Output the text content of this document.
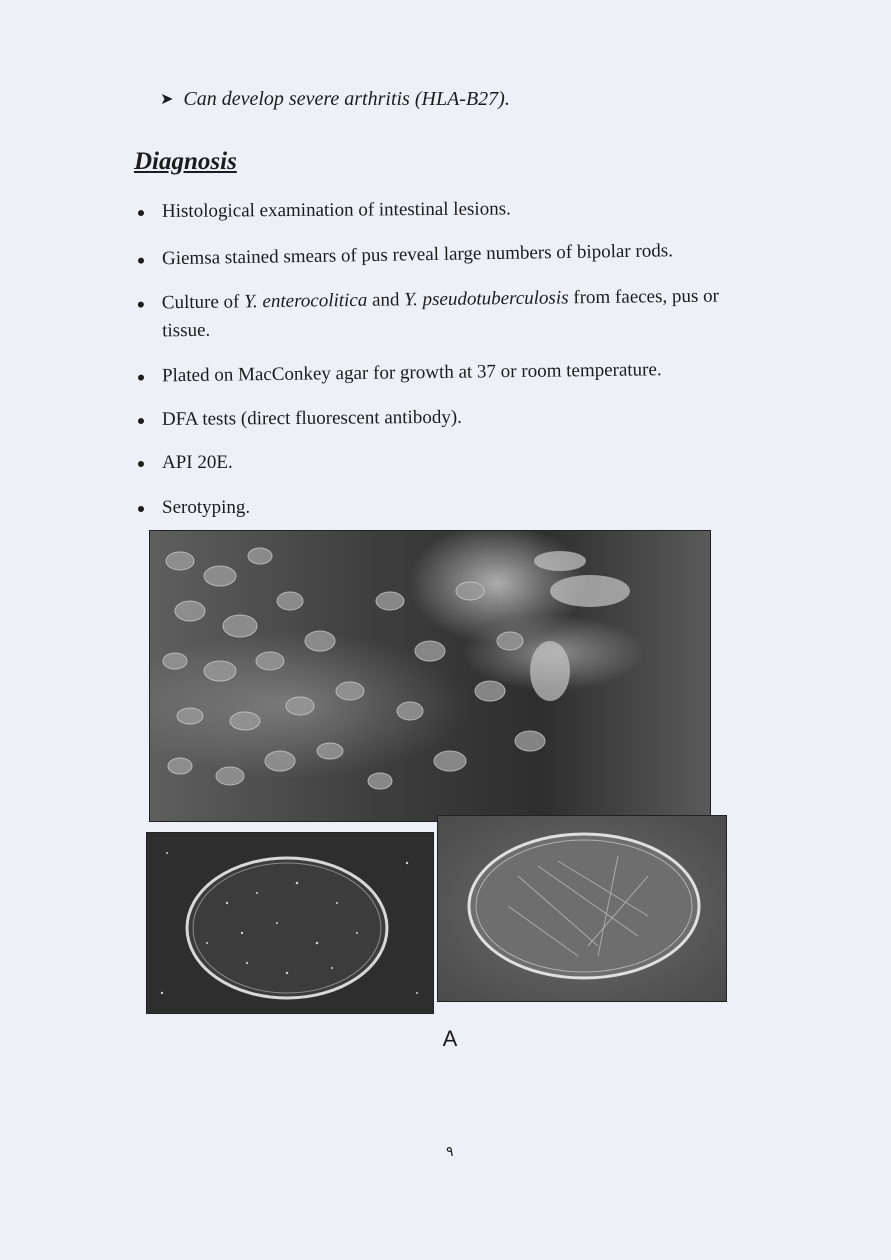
➤ Can develop severe arthritis (HLA-B27).
Diagnosis
Histological examination of intestinal lesions.
Giemsa stained smears of pus reveal large numbers of bipolar rods.
Culture of Y. enterocolitica and Y. pseudotuberculosis from faeces, pus or tissue.
Plated on MacConkey agar for growth at 37 or room temperature.
DFA tests (direct fluorescent antibody).
API 20E.
Serotyping.
A
٩
